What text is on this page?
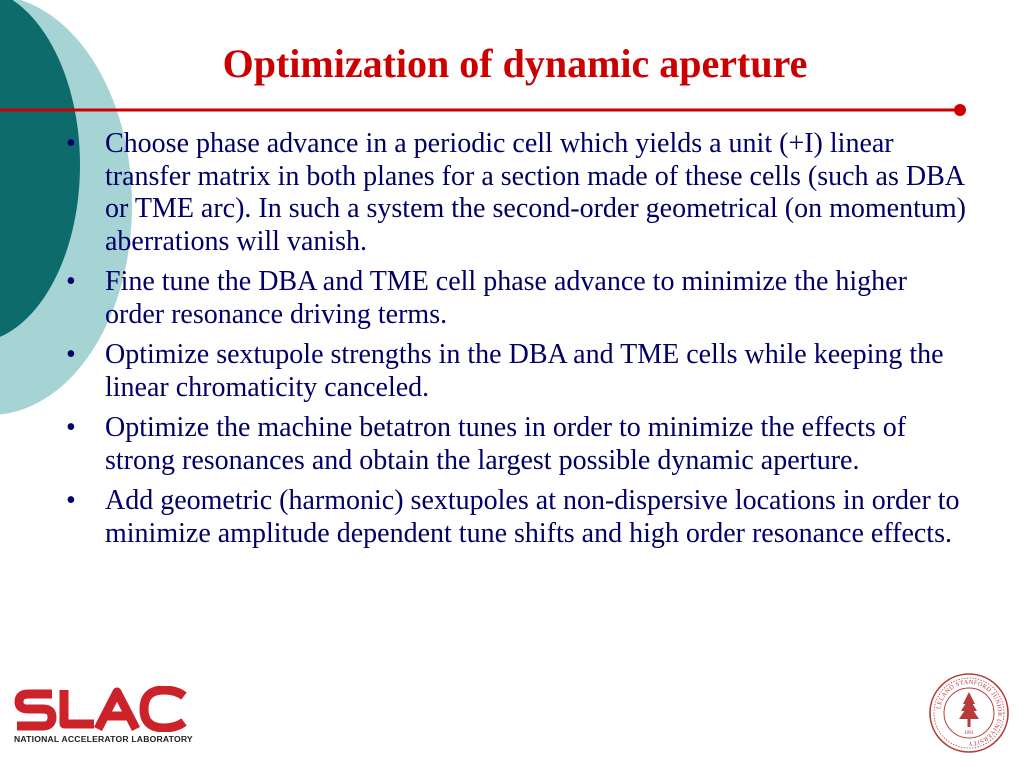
Optimization of dynamic aperture
• Choose phase advance in a periodic cell which yields a unit (+I) linear transfer matrix in both planes for a section made of these cells (such as DBA or TME arc). In such a system the second-order geometrical (on momentum) aberrations will vanish.
• Fine tune the DBA and TME cell phase advance to minimize the higher order resonance driving terms.
• Optimize sextupole strengths in the DBA and TME cells while keeping the linear chromaticity canceled.
• Optimize the machine betatron tunes in order to minimize the effects of strong resonances and obtain the largest possible dynamic aperture.
• Add geometric (harmonic) sextupoles at non-dispersive locations in order to minimize amplitude dependent tune shifts and high order resonance effects.
NATIONAL ACCELERATOR LABORATORY
LELAND STANFORD JUNIOR UNIVERSITY
1891
